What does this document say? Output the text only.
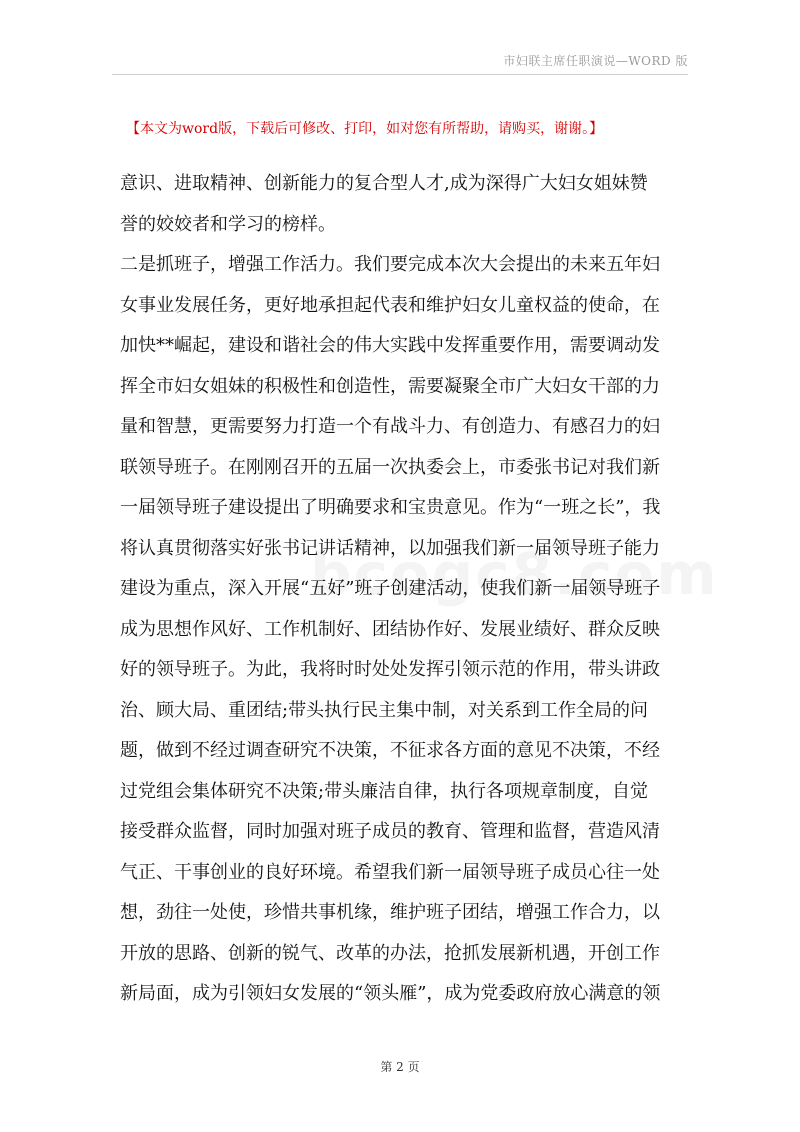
市妇联主席任职演说—WORD 版
【本文为word版，下载后可修改、打印，如对您有所帮助，请购买，谢谢。】
意识、进取精神、创新能力的复合型人才,成为深得广大妇女姐妹赞
誉的姣姣者和学习的榜样。
二是抓班子，增强工作活力。我们要完成本次大会提出的未来五年妇
女事业发展任务，更好地承担起代表和维护妇女儿童权益的使命，在
加快**崛起，建设和谐社会的伟大实践中发挥重要作用，需要调动发
挥全市妇女姐妹的积极性和创造性，需要凝聚全市广大妇女干部的力
量和智慧，更需要努力打造一个有战斗力、有创造力、有感召力的妇
联领导班子。在刚刚召开的五届一次执委会上，市委张书记对我们新
一届领导班子建设提出了明确要求和宝贵意见。作为“一班之长”，我
将认真贯彻落实好张书记讲话精神，以加强我们新一届领导班子能力
建设为重点，深入开展“五好”班子创建活动，使我们新一届领导班子
成为思想作风好、工作机制好、团结协作好、发展业绩好、群众反映
好的领导班子。为此，我将时时处处发挥引领示范的作用，带头讲政
治、顾大局、重团结;带头执行民主集中制，对关系到工作全局的问
题，做到不经过调查研究不决策，不征求各方面的意见不决策，不经
过党组会集体研究不决策;带头廉洁自律，执行各项规章制度，自觉
接受群众监督，同时加强对班子成员的教育、管理和监督，营造风清
气正、干事创业的良好环境。希望我们新一届领导班子成员心往一处
想，劲往一处使，珍惜共事机缘，维护班子团结，增强工作合力，以
开放的思路、创新的锐气、改革的办法，抢抓发展新机遇，开创工作
新局面，成为引领妇女发展的“领头雁”，成为党委政府放心满意的领
第 2 页
